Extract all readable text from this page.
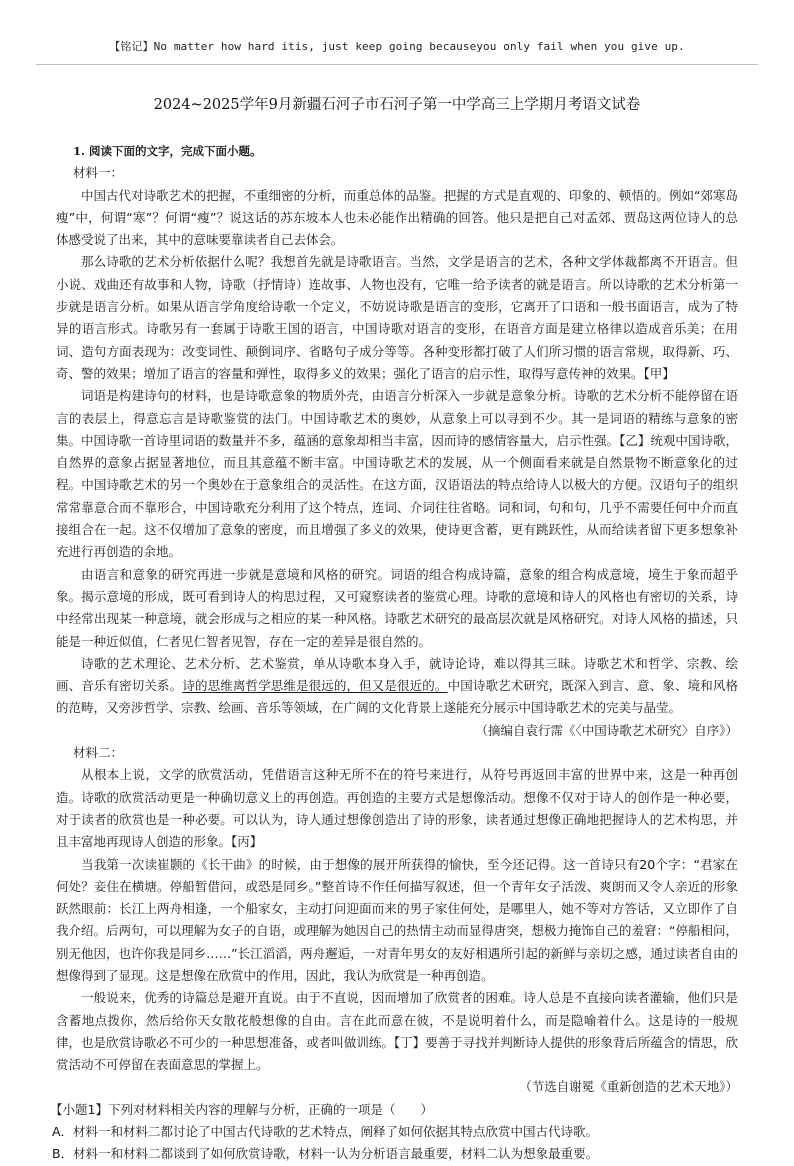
【铭记】No matter how hard itis, just keep going becauseyou only fail when you give up.
2024~2025学年9月新疆石河子市石河子第一中学高三上学期月考语文试卷

1. 阅读下面的文字，完成下面小题。

材料一：

中国古代对诗歌艺术的把握，不重细密的分析，而重总体的品鉴。把握的方式是直观的、印象的、顿悟的。例如“郊寒岛瘦”中，何谓“寒”？何谓“瘦”？说这话的苏东坡本人也未必能作出精确的回答。他只是把自己对孟郊、贾岛这两位诗人的总体感受说了出来，其中的意味要靠读者自己去体会。

那么诗歌的艺术分析依据什么呢？我想首先就是诗歌语言。当然，文学是语言的艺术，各种文学体裁都离不开语言。但小说、戏曲还有故事和人物，诗歌（抒情诗）连故事、人物也没有，它唯一给予读者的就是语言。所以诗歌的艺术分析第一步就是语言分析。如果从语言学角度给诗歌一个定义，不妨说诗歌是语言的变形，它离开了口语和一般书面语言，成为了特异的语言形式。诗歌另有一套属于诗歌王国的语言，中国诗歌对语言的变形，在语音方面是建立格律以造成音乐美；在用词、造句方面表现为：改变词性、颠倒词序、省略句子成分等等。各种变形都打破了人们所习惯的语言常规，取得新、巧、奇、警的效果；增加了语言的容量和弹性，取得多义的效果；强化了语言的启示性，取得写意传神的效果。【甲】

词语是构建诗句的材料，也是诗歌意象的物质外壳，由语言分析深入一步就是意象分析。诗歌的艺术分析不能停留在语言的表层上，得意忘言是诗歌鉴赏的法门。中国诗歌艺术的奥妙，从意象上可以寻到不少。其一是词语的精练与意象的密集。中国诗歌一首诗里词语的数量并不多，蕴涵的意象却相当丰富，因而诗的感情容量大，启示性强。【乙】统观中国诗歌，自然界的意象占据显著地位，而且其意蕴不断丰富。中国诗歌艺术的发展，从一个侧面看来就是自然景物不断意象化的过程。中国诗歌艺术的另一个奥妙在于意象组合的灵活性。在这方面，汉语语法的特点给诗人以极大的方便。汉语句子的组织常常靠意合而不靠形合，中国诗歌充分利用了这个特点，连词、介词往往省略。词和词，句和句，几乎不需要任何中介而直接组合在一起。这不仅增加了意象的密度，而且增强了多义的效果，使诗更含蓄，更有跳跃性，从而给读者留下更多想象补充进行再创造的余地。

由语言和意象的研究再进一步就是意境和风格的研究。词语的组合构成诗篇，意象的组合构成意境，境生于象而超乎象。揭示意境的形成，既可看到诗人的构思过程，又可窥察读者的鉴赏心理。诗歌的意境和诗人的风格也有密切的关系，诗中经常出现某一种意境，就会形成与之相应的某一种风格。诗歌艺术研究的最高层次就是风格研究。对诗人风格的描述，只能是一种近似值，仁者见仁智者见智，存在一定的差异是很自然的。

诗歌的艺术理论、艺术分析、艺术鉴赏，单从诗歌本身入手，就诗论诗，难以得其三昧。诗歌艺术和哲学、宗教、绘画、音乐有密切关系。诗的思维离哲学思维是很远的，但又是很近的。中国诗歌艺术研究，既深入到言、意、象、境和风格的范畴，又旁涉哲学、宗教、绘画、音乐等领域，在广阔的文化背景上遂能充分展示中国诗歌艺术的完美与晶莹。

（摘编自袁行霈《〈中国诗歌艺术研究〉自序》）

材料二：

从根本上说，文学的欣赏活动，凭借语言这种无所不在的符号来进行，从符号再返回丰富的世界中来，这是一种再创造。诗歌的欣赏活动更是一种确切意义上的再创造。再创造的主要方式是想像活动。想像不仅对于诗人的创作是一种必要，对于读者的欣赏也是一种必要。可以认为，诗人通过想像创造出了诗的形象，读者通过想像正确地把握诗人的艺术构思，并且丰富地再现诗人创造的形象。【丙】

当我第一次读崔颢的《长干曲》的时候，由于想像的展开所获得的愉快，至今还记得。这一首诗只有20个字：“君家在何处？妾住在横塘。停船暂借问，或恐是同乡。”整首诗不作任何描写叙述，但一个青年女子活泼、爽朗而又令人亲近的形象跃然眼前：长江上两舟相逢，一个船家女，主动打问迎面而来的男子家住何处，是哪里人，她不等对方答话，又立即作了自我介绍。后两句，可以理解为女子的自语，或理解为她因自己的热情主动而显得唐突，想极力掩饰自己的羞窘：“停船相问，别无他因，也许你我是同乡……”长江滔滔，两舟邂逅，一对青年男女的友好相遇所引起的新鲜与亲切之感，通过读者自由的想像得到了显现。这是想像在欣赏中的作用，因此，我认为欣赏是一种再创造。

一般说来，优秀的诗篇总是避开直说。由于不直说，因而增加了欣赏者的困难。诗人总是不直接向读者灌输，他们只是含蓄地点拨你，然后给你天女散花般想像的自由。言在此而意在彼，不是说明着什么，而是隐喻着什么。这是诗的一般规律，也是欣赏诗歌必不可少的一种思想准备，或者叫做训练。【丁】要善于寻找并判断诗人提供的形象背后所蕴含的情思，欣赏活动不可停留在表面意思的掌握上。

（节选自谢冕《重新创造的艺术天地》）

【小题1】下列对材料相关内容的理解与分析，正确的一项是（　　）

A．材料一和材料二都讨论了中国古代诗歌的艺术特点，阐释了如何依据其特点欣赏中国古代诗歌。

B．材料一和材料二都谈到了如何欣赏诗歌，材料一认为分析语言最重要，材料二认为想象最重要。
